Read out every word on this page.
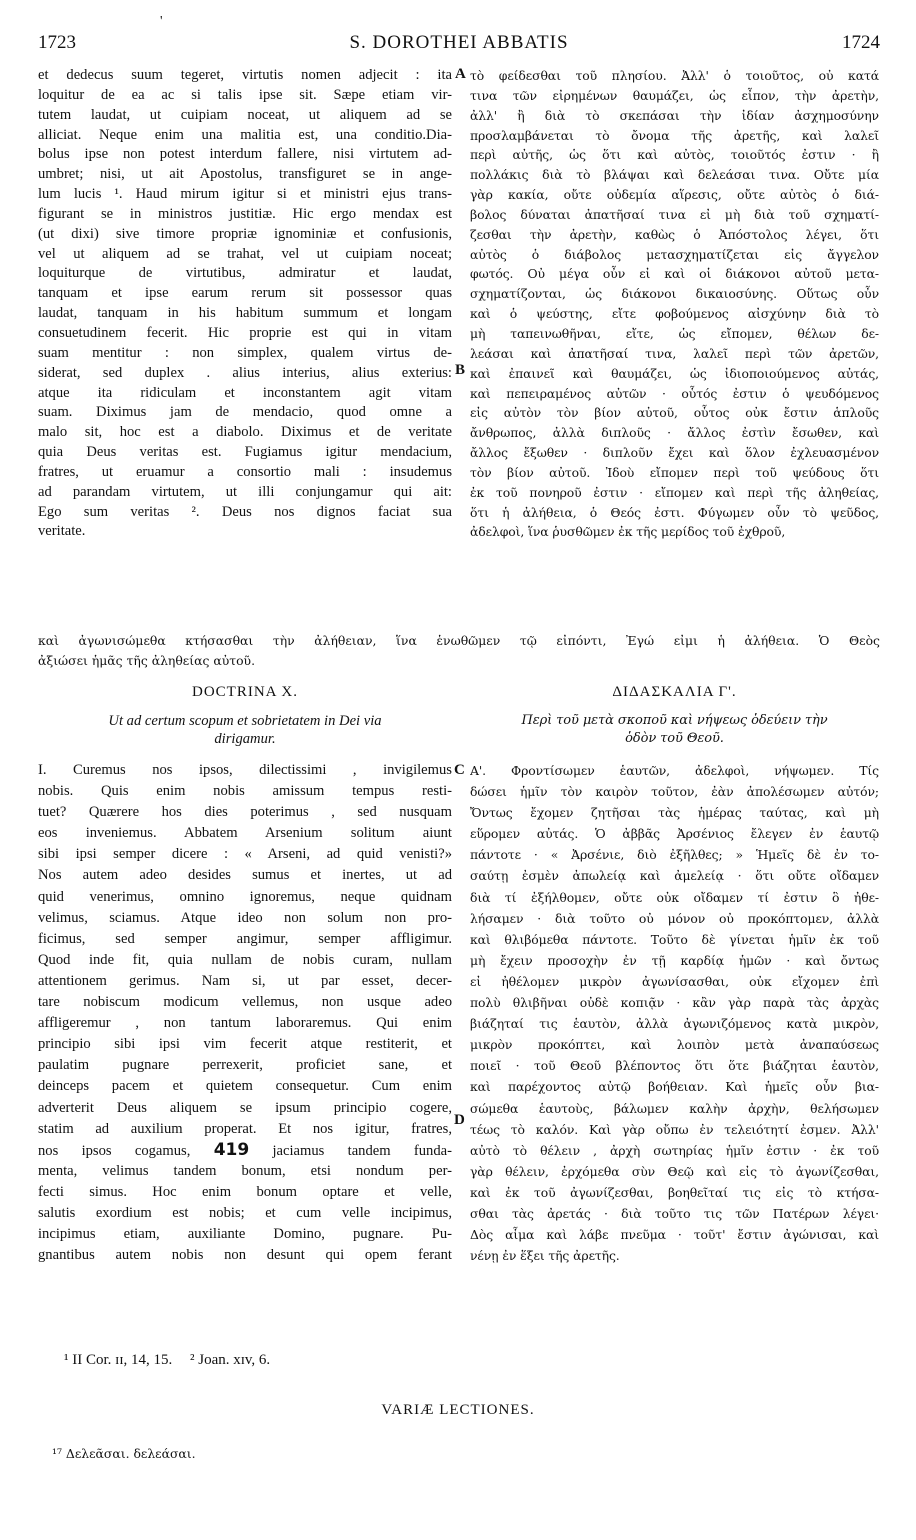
1723
'
S. DOROTHEI ABBATIS	1724
et dedecus suum tegeret, virtutis nomen adjecit : ita
loquitur de ea ac si talis ipse sit. Sæpe etiam vir-
tutem laudat, ut cuipiam noceat, ut aliquem ad se
alliciat. Neque enim una malitia est, una conditio.Dia-
bolus ipse non potest interdum fallere, nisi virtutem ad-
umbret; nisi, ut ait Apostolus, transfiguret se in ange-
lum lucis ¹. Haud mirum igitur si et ministri ejus trans-
figurant se in ministros justitiæ. Hic ergo mendax est
(ut dixi) sive timore propriæ ignominiæ et confusionis,
vel ut aliquem ad se trahat, vel ut cuipiam noceat;
loquiturque de virtutibus, admiratur et laudat,
tanquam et ipse earum rerum sit possessor quas
laudat, tanquam in his habitum summum et longam
consuetudinem fecerit. Hic proprie est qui in vitam
suam mentitur : non simplex, qualem virtus de-
siderat, sed duplex . alius interius, alius exterius:
atque ita ridiculam et inconstantem agit vitam
suam. Diximus jam de mendacio, quod omne a
malo sit, hoc est a diabolo. Diximus et de veritate
quia Deus veritas est. Fugiamus igitur mendacium,
fratres, ut eruamur a consortio mali : insudemus
ad parandam virtutem, ut illi conjungamur qui ait:
Ego sum veritas ². Deus nos dignos faciat sua
veritate.
τὸ φείδεσθαι τοῦ πλησίου. Ἀλλ' ὁ τοιοῦτος, οὐ κατά
τινα τῶν εἰρημένων θαυμάζει, ὡς εἶπον, τὴν ἀρετὴν,
ἀλλ' ἢ διὰ τὸ σκεπάσαι τὴν ἰδίαν ἀσχημοσύνην
προσλαμβάνεται τὸ ὄνομα τῆς ἀρετῆς, καὶ λαλεῖ
περὶ αὐτῆς, ὡς ὅτι καὶ αὐτὸς, τοιοῦτός ἐστιν · ἢ
πολλάκις διὰ τὸ βλάψαι καὶ δελεάσαι τινα. Οὔτε μία
γὰρ κακία, οὔτε οὐδεμία αἵρεσις, οὔτε αὐτὸς ὁ διά-
βολος δύναται ἀπατῆσαί τινα εἰ μὴ διὰ τοῦ σχηματί-
ζεσθαι τὴν ἀρετὴν, καθὼς ὁ Ἀπόστολος λέγει, ὅτι
αὐτὸς ὁ διάβολος μετασχηματίζεται εἰς ἄγγελον
φωτός. Οὐ μέγα οὖν εἰ καὶ οἱ διάκονοι αὐτοῦ μετα-
σχηματίζονται, ὡς διάκονοι δικαιοσύνης. Οὕτως οὖν
καὶ ὁ ψεύστης, εἴτε φοβούμενος αἰσχύνην διὰ τὸ
μὴ ταπεινωθῆναι, εἴτε, ὡς εἴπομεν, θέλων δε-
λεάσαι καὶ ἀπατῆσαί τινα, λαλεῖ περὶ τῶν ἀρετῶν,
καὶ ἐπαινεῖ καὶ θαυμάζει, ὡς ἰδιοποιούμενος αὐτάς,
καὶ πεπειραμένος αὐτῶν · οὗτός ἐστιν ὁ ψευδόμενος
εἰς αὐτὸν τὸν βίον αὐτοῦ, οὗτος οὐκ ἔστιν ἁπλοῦς
ἄνθρωπος, ἀλλὰ διπλοῦς · ἄλλος ἐστὶν ἔσωθεν, καὶ
ἄλλος ἔξωθεν · διπλοῦν ἔχει καὶ ὅλον ἐχλευασμένον
τὸν βίον αὐτοῦ. Ἰδοὺ εἴπομεν περὶ τοῦ ψεύδους ὅτι
ἐκ τοῦ πονηροῦ ἐστιν · εἴπομεν καὶ περὶ τῆς ἀληθείας,
ὅτι ἡ ἀλήθεια, ὁ Θεός ἐστι. Φύγωμεν οὖν τὸ ψεῦδος,
ἀδελφοὶ, ἵνα ῥυσθῶμεν ἐκ τῆς μερίδος τοῦ ἐχθροῦ,
A
B
C
D
καὶ ἀγωνισώμεθα κτήσασθαι τὴν ἀλήθειαν, ἵνα ἑνωθῶμεν τῷ εἰπόντι, Ἐγώ εἰμι ἡ ἀλήθεια. Ὁ Θεὸς
ἀξιώσει ἡμᾶς τῆς ἀληθείας αὐτοῦ.
DOCTRINA X.
Ut ad certum scopum et sobrietatem in Dei via
dirigamur.
ΔΙΔΑΣΚΑΛΙΑ Γ'.
Περὶ τοῦ μετὰ σκοποῦ καὶ νήψεως ὁδεύειν τὴν
ὁδὸν τοῦ Θεοῦ.
I. Curemus nos ipsos, dilectissimi , invigilemus
nobis. Quis enim nobis amissum tempus resti-
tuet? Quærere hos dies poterimus , sed nusquam
eos inveniemus. Abbatem Arsenium solitum aiunt
sibi ipsi semper dicere : « Arseni, ad quid venisti?»
Nos autem adeo desides sumus et inertes, ut ad
quid venerimus, omnino ignoremus, neque quidnam
velimus, sciamus. Atque ideo non solum non pro-
ficimus, sed semper angimur, semper affligimur.
Quod inde fit, quia nullam de nobis curam, nullam
attentionem gerimus. Nam si, ut par esset, decer-
tare nobiscum modicum vellemus, non usque adeo
affligeremur , non tantum laboraremus. Qui enim
principio sibi ipsi vim fecerit atque restiterit, et
paulatim pugnare perrexerit, proficiet sane, et
deinceps pacem et quietem consequetur. Cum enim
adverterit Deus aliquem se ipsum principio cogere,
statim ad auxilium properat. Et nos igitur, fratres,
nos ipsos cogamus, 419 jaciamus tandem funda-
menta, velimus tandem bonum, etsi nondum per-
fecti simus. Hoc enim bonum optare et velle,
salutis exordium est nobis; et cum velle incipimus,
incipimus etiam, auxiliante Domino, pugnare. Pu-
gnantibus autem nobis non desunt qui opem ferant
Α'. Φροντίσωμεν ἑαυτῶν, ἀδελφοὶ, νήψωμεν. Τίς
δώσει ἡμῖν τὸν καιρὸν τοῦτον, ἐὰν ἀπολέσωμεν αὐτόν;
Ὄντως ἔχομεν ζητῆσαι τὰς ἡμέρας ταύτας, καὶ μὴ
εὕρομεν αὐτάς. Ὁ ἀββᾶς Ἀρσένιος ἔλεγεν ἐν ἑαυτῷ
πάντοτε · « Ἀρσένιε, διὸ ἐξῆλθες; » Ἡμεῖς δὲ ἐν το-
σαύτῃ ἐσμὲν ἀπωλείᾳ καὶ ἀμελείᾳ · ὅτι οὔτε οἴδαμεν
διὰ τί ἐξήλθομεν, οὔτε οὐκ οἴδαμεν τί ἐστιν ὃ ἠθε-
λήσαμεν · διὰ τοῦτο οὐ μόνον οὐ προκόπτομεν, ἀλλὰ
καὶ θλιβόμεθα πάντοτε. Τοῦτο δὲ γίνεται ἡμῖν ἐκ τοῦ
μὴ ἔχειν προσοχὴν ἐν τῇ καρδίᾳ ἡμῶν · καὶ ὄντως
εἰ ἠθέλομεν μικρὸν ἀγωνίσασθαι, οὐκ εἴχομεν ἐπὶ
πολὺ θλιβῆναι οὐδὲ κοπιᾷν · κἂν γὰρ παρὰ τὰς ἀρχὰς
βιάζηταί τις ἑαυτὸν, ἀλλὰ ἀγωνιζόμενος κατὰ μικρὸν,
μικρὸν προκόπτει, καὶ λοιπὸν μετὰ ἀναπαύσεως
ποιεῖ · τοῦ Θεοῦ βλέποντος ὅτι ὅτε βιάζηται ἑαυτὸν,
καὶ παρέχοντος αὐτῷ βοήθειαν. Καὶ ἡμεῖς οὖν βια-
σώμεθα ἑαυτοὺς, βάλωμεν καλὴν ἀρχὴν, θελήσωμεν
τέως τὸ καλόν. Καὶ γὰρ οὔπω ἐν τελειότητί ἐσμεν. Ἀλλ'
αὐτὸ τὸ θέλειν , ἀρχὴ σωτηρίας ἡμῖν ἐστιν · ἐκ τοῦ
γὰρ θέλειν, ἐρχόμεθα σὺν Θεῷ καὶ εἰς τὸ ἀγωνίζεσθαι,
καὶ ἐκ τοῦ ἀγωνίζεσθαι, βοηθεῖταί τις εἰς τὸ κτήσα-
σθαι τὰς ἀρετάς · διὰ τοῦτο τις τῶν Πατέρων λέγει·
Δὸς αἷμα καὶ λάβε πνεῦμα · τοῦτ' ἔστιν ἀγώνισαι, καὶ
νένῃ ἐν ἕξει τῆς ἀρετῆς.
¹ II Cor. ɪɪ, 14, 15. ² Joan. xɪv, 6.
VARIÆ LECTIONES.
¹⁷ Δελεᾶσαι. δελεάσαι.
